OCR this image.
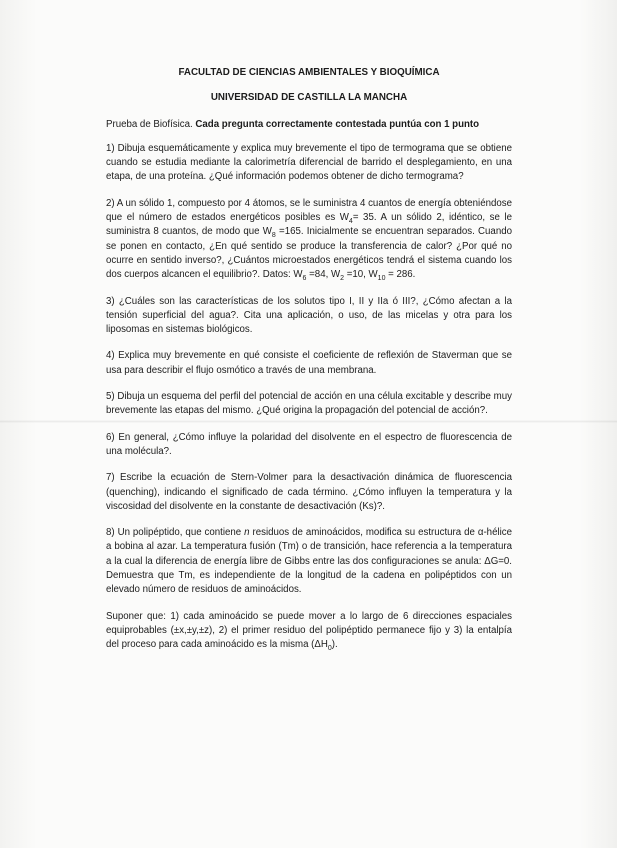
FACULTAD DE CIENCIAS AMBIENTALES Y BIOQUÍMICA

UNIVERSIDAD DE CASTILLA LA MANCHA

Prueba de Biofísica. Cada pregunta correctamente contestada puntúa con 1 punto

1) Dibuja esquemáticamente y explica muy brevemente el tipo de termograma que se obtiene cuando se estudia mediante la calorimetría diferencial de barrido el desplegamiento, en una etapa, de una proteína. ¿Qué información podemos obtener de dicho termograma?

2) A un sólido 1, compuesto por 4 átomos, se le suministra 4 cuantos de energía obteniéndose que el número de estados energéticos posibles es $W_4= 35$. A un sólido 2, idéntico, se le suministra 8 cuantos, de modo que $W_8 =165$. Inicialmente se encuentran separados. Cuando se ponen en contacto, ¿En qué sentido se produce la transferencia de calor? ¿Por qué no ocurre en sentido inverso?, ¿Cuántos microestados energéticos tendrá el sistema cuando los dos cuerpos alcancen el equilibrio?. Datos: $W_6 =84$, $W_2 =10$, $W_{10} = 286$.

3) ¿Cuáles son las características de los solutos tipo I, II y IIa ó III?, ¿Cómo afectan a la tensión superficial del agua?. Cita una aplicación, o uso, de las micelas y otra para los liposomas en sistemas biológicos.

4) Explica muy brevemente en qué consiste el coeficiente de reflexión de Staverman que se usa para describir el flujo osmótico a través de una membrana.

5) Dibuja un esquema del perfil del potencial de acción en una célula excitable y describe muy brevemente las etapas del mismo. ¿Qué origina la propagación del potencial de acción?.

6) En general, ¿Cómo influye la polaridad del disolvente en el espectro de fluorescencia de una molécula?.

7) Escribe la ecuación de Stern-Volmer para la desactivación dinámica de fluorescencia (quenching), indicando el significado de cada término. ¿Cómo influyen la temperatura y la viscosidad del disolvente en la constante de desactivación (Ks)?.

8) Un polipéptido, que contiene n residuos de aminoácidos, modifica su estructura de α-hélice a bobina al azar. La temperatura fusión (Tm) o de transición, hace referencia a la temperatura a la cual la diferencia de energía libre de Gibbs entre las dos configuraciones se anula: ΔG=0. Demuestra que Tm, es independiente de la longitud de la cadena en polipéptidos con un elevado número de residuos de aminoácidos.

Suponer que: 1) cada aminoácido se puede mover a lo largo de 6 direcciones espaciales equiprobables (±x,±y,±z), 2) el primer residuo del polipéptido permanece fijo y 3) la entalpía del proceso para cada aminoácido es la misma $(\Delta H_0)$.
